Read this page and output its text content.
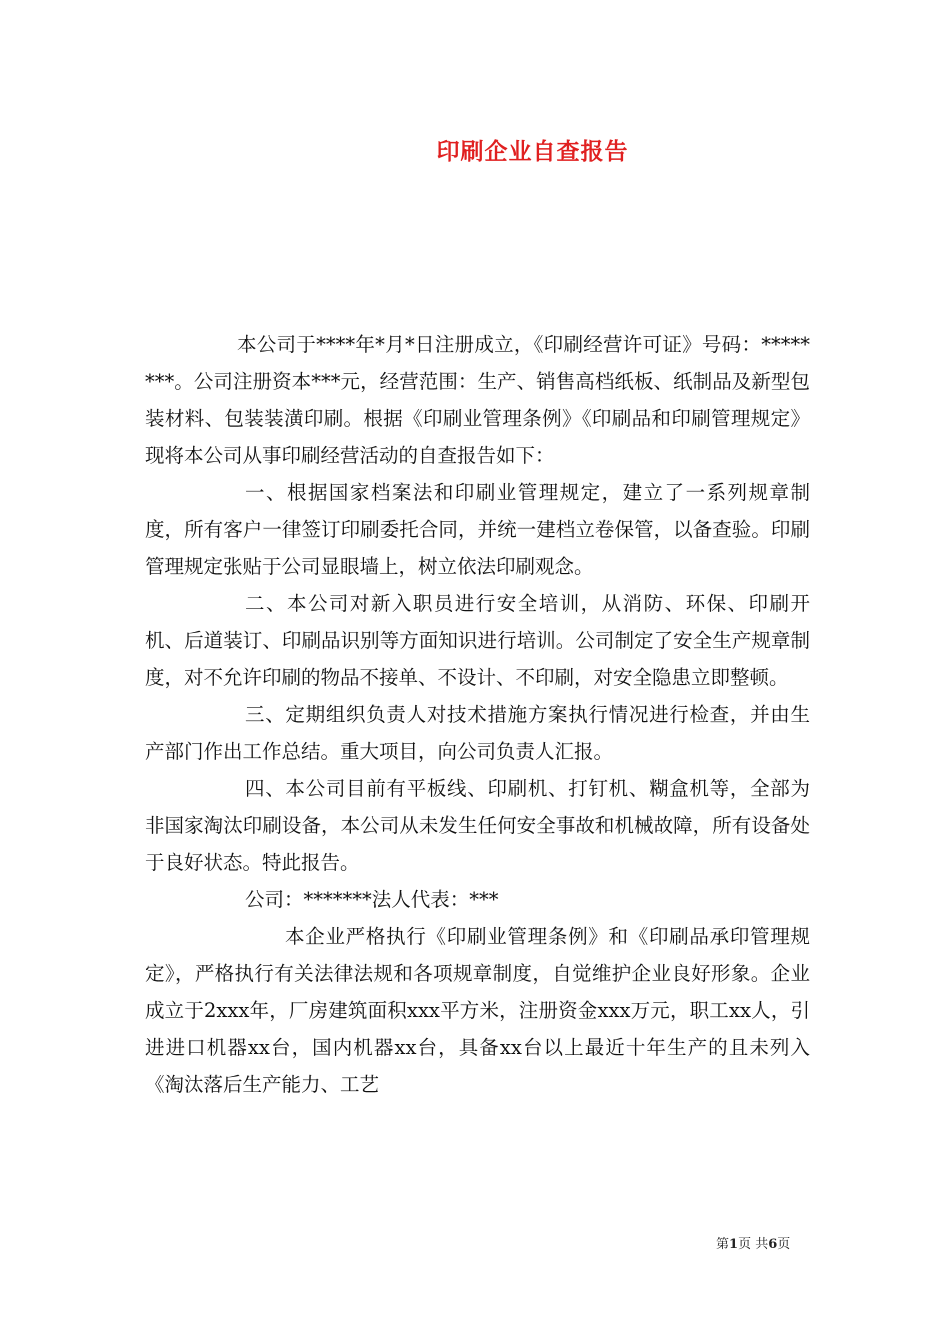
印刷企业自查报告

本公司于****年*月*日注册成立，《印刷经营许可证》号码：********。公司注册资本***元，经营范围：生产、销售高档纸板、纸制品及新型包装材料、包装装潢印刷。根据《印刷业管理条例》《印刷品和印刷管理规定》现将本公司从事印刷经营活动的自查报告如下：

一、根据国家档案法和印刷业管理规定，建立了一系列规章制度，所有客户一律签订印刷委托合同，并统一建档立卷保管，以备查验。印刷管理规定张贴于公司显眼墙上，树立依法印刷观念。

二、本公司对新入职员进行安全培训，从消防、环保、印刷开机、后道装订、印刷品识别等方面知识进行培训。公司制定了安全生产规章制度，对不允许印刷的物品不接单、不设计、不印刷，对安全隐患立即整顿。

三、定期组织负责人对技术措施方案执行情况进行检查，并由生产部门作出工作总结。重大项目，向公司负责人汇报。

四、本公司目前有平板线、印刷机、打钉机、糊盒机等，全部为非国家淘汰印刷设备，本公司从未发生任何安全事故和机械故障，所有设备处于良好状态。特此报告。

公司：*******法人代表：***

本企业严格执行《印刷业管理条例》和《印刷品承印管理规定》，严格执行有关法律法规和各项规章制度，自觉维护企业良好形象。企业成立于2xxx年，厂房建筑面积xxx平方米，注册资金xxx万元，职工xx人，引进进口机器xx台，国内机器xx台，具备xx台以上最近十年生产的且未列入《淘汰落后生产能力、工艺

第1页 共6页
